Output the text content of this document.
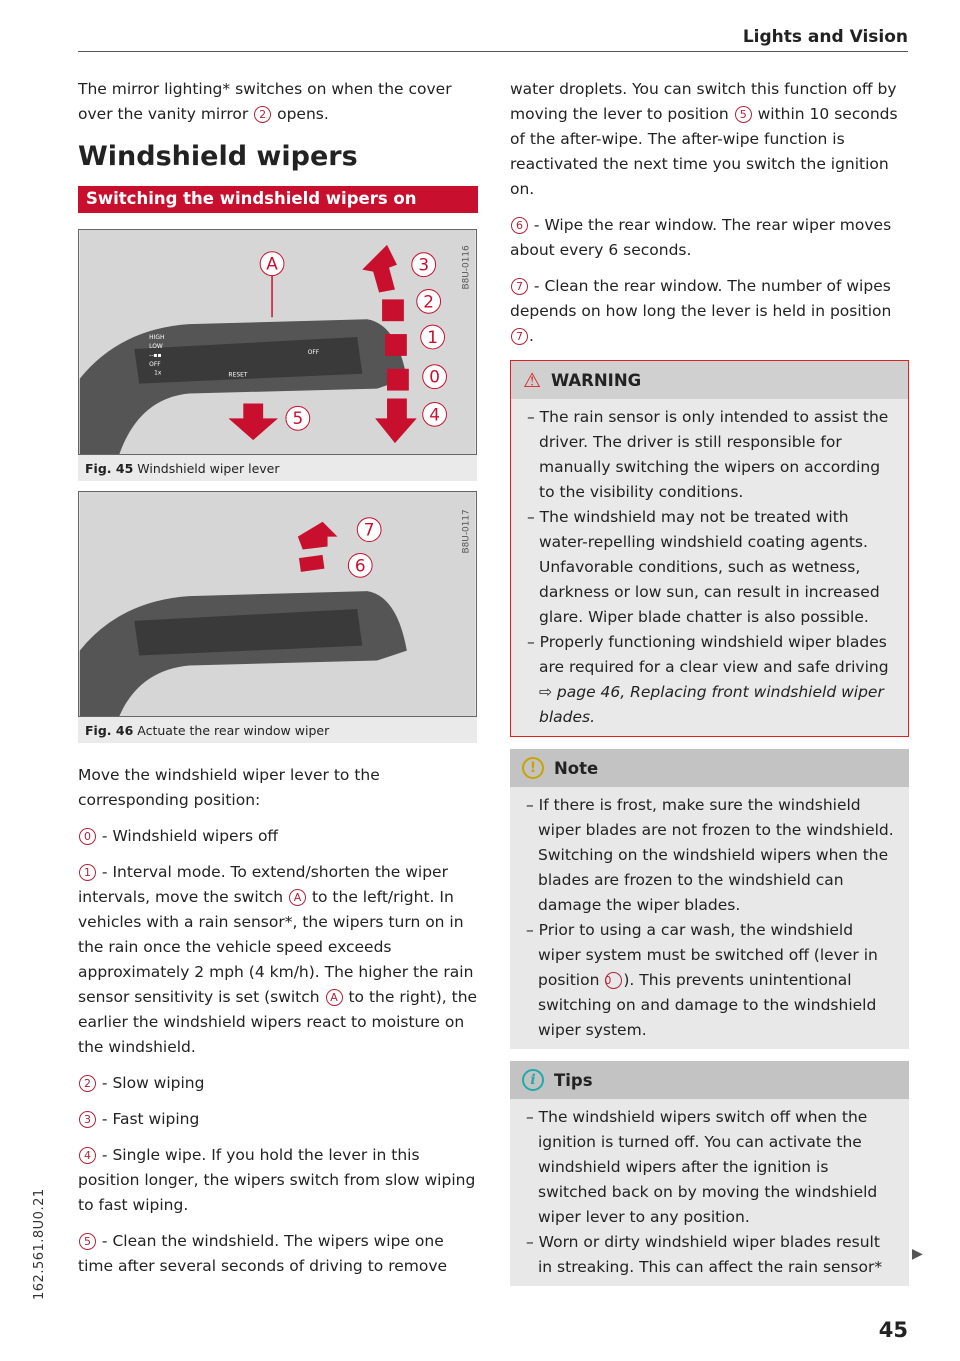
Lights and Vision

The mirror lighting* switches on when the cover over the vanity mirror 2 opens.

Windshield wipers
Switching the windshield wipers on
HIGH
LOW
--▪▪
OFF
1x	RESET
OFF
A	3
2
1
0
4
5
B8U-0116
Fig. 45 Windshield wiper lever
7
6
B8U-0117
Fig. 46 Actuate the rear window wiper

Move the windshield wiper lever to the corresponding position:

0 - Windshield wipers off

1 - Interval mode. To extend/shorten the wiper intervals, move the switch A to the left/right. In vehicles with a rain sensor*, the wipers turn on in the rain once the vehicle speed exceeds approximately 2 mph (4 km/h). The higher the rain sensor sensitivity is set (switch A to the right), the earlier the windshield wipers react to moisture on the windshield.

2 - Slow wiping

3 - Fast wiping

4 - Single wipe. If you hold the lever in this position longer, the wipers switch from slow wiping to fast wiping.

5 - Clean the windshield. The wipers wipe one time after several seconds of driving to remove

water droplets. You can switch this function off by moving the lever to position 5 within 10 seconds of the after-wipe. The after-wipe function is reactivated the next time you switch the ignition on.

6 - Wipe the rear window. The rear wiper moves about every 6 seconds.

7 - Clean the rear window. The number of wipes depends on how long the lever is held in position 7 .

⚠ WARNING
– The rain sensor is only intended to assist the driver. The driver is still responsible for manually switching the wipers on according to the visibility conditions.
– The windshield may not be treated with water-repelling windshield coating agents. Unfavorable conditions, such as wetness, darkness or low sun, can result in increased glare. Wiper blade chatter is also possible.
– Properly functioning windshield wiper blades are required for a clear view and safe driving ⇨ page 46, Replacing front windshield wiper blades.
!	Note
– If there is frost, make sure the windshield wiper blades are not frozen to the windshield. Switching on the windshield wipers when the blades are frozen to the windshield can damage the wiper blades.
– Prior to using a car wash, the windshield wiper system must be switched off (lever in position 0 ). This prevents unintentional switching on and damage to the windshield wiper system.
i	Tips
– The windshield wipers switch off when the ignition is turned off. You can activate the windshield wipers after the ignition is switched back on by moving the windshield wiper lever to any position.
– Worn or dirty windshield wiper blades result in streaking. This can affect the rain sensor*
▶
45
162.561.8U0.21
